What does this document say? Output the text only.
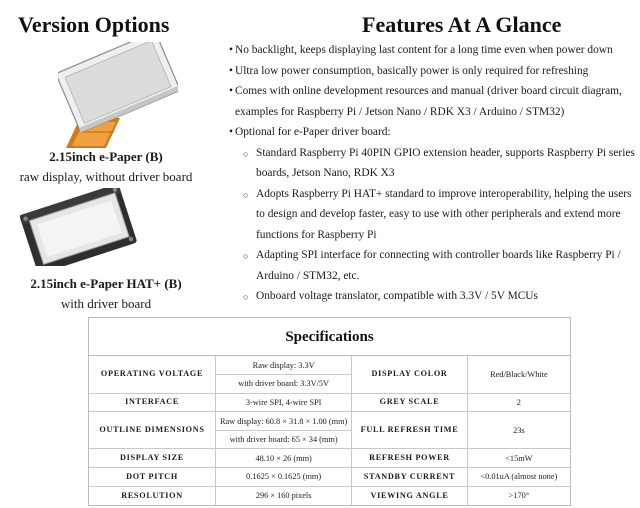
Version Options	Features At A Glance
2.15inch e-Paper (B)
raw display, without driver board
2.15inch e-Paper HAT+ (B)
with driver board
• No backlight, keeps displaying last content for a long time even when power down
• Ultra low power consumption, basically power is only required for refreshing
• Comes with online development resources and manual (driver board circuit diagram, examples for Raspberry Pi / Jetson Nano / RDK X3 / Arduino / STM32)
• Optional for e-Paper driver board:
○ Standard Raspberry Pi 40PIN GPIO extension header, supports Raspberry Pi series boards, Jetson Nano, RDK X3
○ Adopts Raspberry Pi HAT+ standard to improve interoperability, helping the users to design and develop faster, easy to use with other peripherals and extend more functions for Raspberry Pi
○ Adapting SPI interface for connecting with controller boards like Raspberry Pi / Arduino / STM32, etc.
○ Onboard voltage translator, compatible with 3.3V / 5V MCUs
Specifications
OPERATING VOLTAGE	Raw display: 3.3V	DISPLAY COLOR	Red/Black/White
	with driver board: 3.3V/5V		
INTERFACE	3-wire SPI, 4-wire SPI	GREY SCALE	2
OUTLINE DIMENSIONS	Raw display: 60.8 × 31.8 × 1.00 (mm)	FULL REFRESH TIME	23s
	with driver board: 65 × 34 (mm)		
DISPLAY SIZE	48.10 × 26 (mm)	REFRESH POWER	<15mW
DOT PITCH	0.1625 × 0.1625 (mm)	STANDBY CURRENT	<0.01uA (almost none)
RESOLUTION	296 × 160 pixels	VIEWING ANGLE	>170°
